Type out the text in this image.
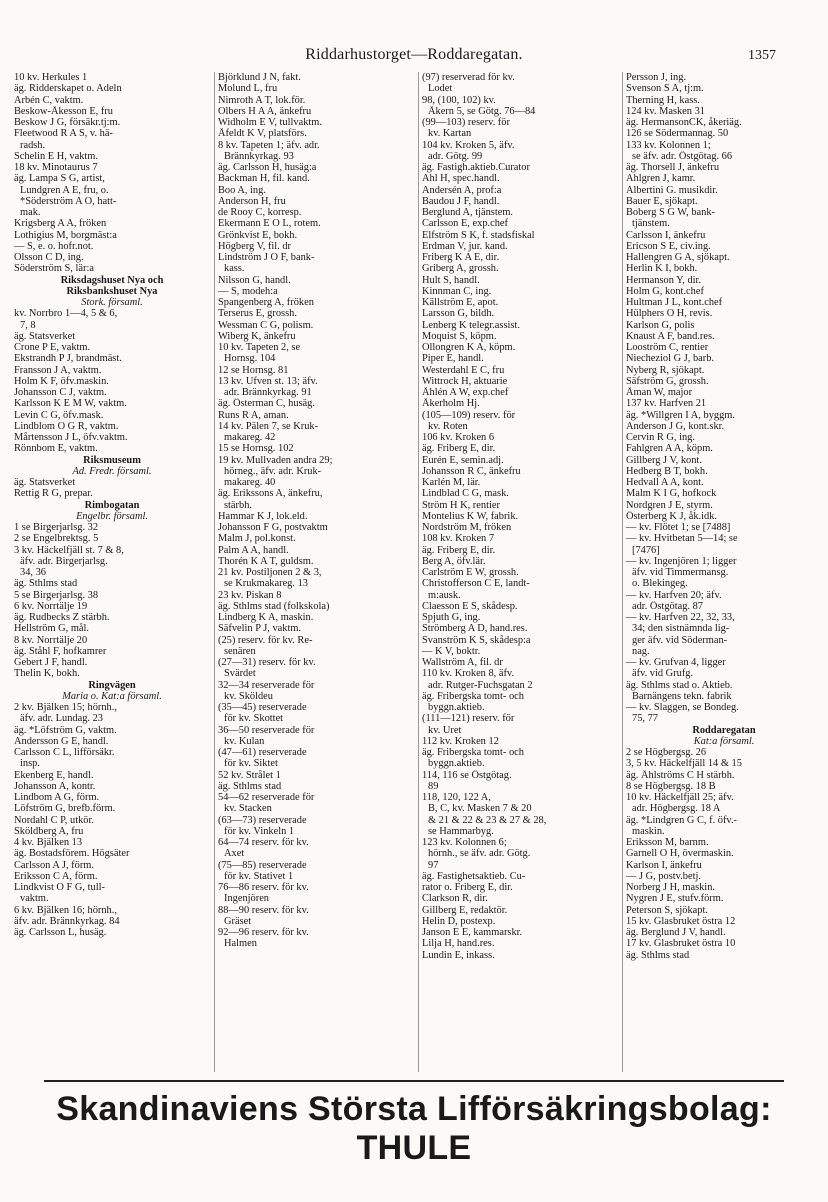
Riddarhustorget—Roddaregatan.	1357
10 kv. Herkules 1
äg. Ridderskapet o. Adeln
Arbén C, vaktm.
Beskow-Åkesson E, fru
Beskow J G, försäkr.tj:m.
Fleetwood R A S, v. hä-
radsh.
Schelin E H, vaktm.
18 kv. Minotaurus 7
äg. Lampa S G, artist,
Lundgren A E, fru, o.
*Söderström A O, hatt-
mak.
Krigsberg A A, fröken
Lothigius M, borgmäst:a
— S, e. o. hofr.not.
Olsson C D, ing.
Söderström S, lär:a
Riksdagshuset Nya och
Riksbankshuset Nya
Stork. församl.
kv. Norrbro 1—4, 5 & 6,
7, 8
äg. Statsverket
Crone P E, vaktm.
Ekstrandh P J, brandmäst.
Fransson J A, vaktm.
Holm K F, öfv.maskin.
Johansson C J, vaktm.
Karlsson K E M W, vaktm.
Levin C G, öfv.mask.
Lindblom O G R, vaktm.
Mårtensson J L, öfv.vaktm.
Rönnbom E, vaktm.
Riksmuseum
Ad. Fredr. församl.
äg. Statsverket
Rettig R G, prepar.
Rimbogatan
Engelbr. församl.
1 se Birgerjarlsg. 32
2 se Engelbrektsg. 5
3 kv. Häckelfjäll st. 7 & 8,
äfv. adr. Birgerjarlsg.
34, 36
äg. Sthlms stad
5 se Birgerjarlsg. 38
6 kv. Norrtälje 19
äg. Rudbecks Z stärbh.
Hellström G, mål.
8 kv. Norrtälje 20
äg. Ståhl F, hofkamrer
Gebert J F, handl.
Thelin K, bokh.
Ringvägen
Maria o. Kat:a församl.
2 kv. Bjälken 15; hörnh.,
äfv. adr. Lundag. 23
äg. *Löfström G, vaktm.
Andersson G E, handl.
Carlsson C L, lifförsäkr.
insp.
Ekenberg E, handl.
Johansson A, kontr.
Lindbom A G, förm.
Löfström G, brefb.förm.
Nordahl C P, utkör.
Sköldberg A, fru
4 kv. Bjälken 13
äg. Bostadsförem. Högsäter
Carlsson A J, förm.
Eriksson C A, förm.
Lindkvist O F G, tull-
vaktm.
6 kv. Bjälken 16; hörnh.,
äfv. adr. Brännkyrkag. 84
äg. Carlsson L, husäg.
Björklund J N, fakt.
Molund L, fru
Nimroth A T, lok.för.
Olbers H A A, änkefru
Widholm E V, tullvaktm.
Åfeldt K V, platsförs.
8 kv. Tapeten 1; äfv. adr.
Brännkyrkag. 93
äg. Carlsson H, husäg:a
Backman H, fil. kand.
Boo A, ing.
Anderson H, fru
de Rooy C, korresp.
Ekermann E O L, rotem.
Grönkvist E, bokh.
Högberg V, fil. dr
Lindström J O F, bank-
kass.
Nilsson G, handl.
— S, modeh:a
Spangenberg A, fröken
Terserus E, grossh.
Wessman C G, polism.
Wiberg K, änkefru
10 kv. Tapeten 2, se
Hornsg. 104
12 se Hornsg. 81
13 kv. Ufven st. 13; äfv.
adr. Brännkyrkag. 91
äg. Österman C, husäg.
Runs R A, aman.
14 kv. Pälen 7, se Kruk-
makareg. 42
15 se Hornsg. 102
19 kv. Mullvaden andra 29;
hörneg., äfv. adr. Kruk-
makareg. 40
äg. Erikssons A, änkefru,
stärbh.
Hammar K J, lok.eld.
Johansson F G, postvaktm
Malm J, pol.konst.
Palm A A, handl.
Thorén K A T, guldsm.
21 kv. Postiljonen 2 & 3,
se Krukmakareg. 13
23 kv. Piskan 8
äg. Sthlms stad (folkskola)
Lindberg K A, maskin.
Säfvelin P J, vaktm.
(25) reserv. för kv. Re-
senären
(27—31) reserv. för kv.
Svärdet
32—34 reserverade för
kv. Sköldeu
(35—45) reserverade
för kv. Skottet
36—50 reserverade för
kv. Kulan
(47—61) reserverade
för kv. Siktet
52 kv. Strålet 1
äg. Sthlms stad
54—62 reserverade för
kv. Stacken
(63—73) reserverade
för kv. Vinkeln 1
64—74 reserv. för kv.
Axet
(75—85) reserverade
för kv. Stativet 1
76—86 reserv. för kv.
Ingenjören
88—90 reserv. för kv.
Gräset
92—96 reserv. för kv.
Halmen
(97) reserverad för kv.
Lodet
98, (100, 102) kv.
Åkern 5, se Götg. 76—84
(99—103) reserv. för
kv. Kartan
104 kv. Kroken 5, äfv.
adr. Götg. 99
äg. Fastigh.aktieb.Curator
Ahl H, spec.handl.
Andersén A, prof:a
Baudou J F, handl.
Berglund A, tjänstem.
Carlsson E, exp.chef
Elfström S K, f. stadsfiskal
Erdman V, jur. kand.
Friberg K A E, dir.
Griberg A, grossh.
Hult S, handl.
Kinnman C, ing.
Källström E, apot.
Larsson G, bildh.
Lenberg K telegr.assist.
Moquist S, köpm.
Ollongren K A, köpm.
Piper E, handl.
Westerdahl E C, fru
Wittrock H, aktuarie
Åhlén A W, exp.chef
Åkerholm Hj.
(105—109) reserv. för
kv. Roten
106 kv. Kroken 6
äg. Friberg E, dir.
Eurén E, semin.adj.
Johansson R C, änkefru
Karlén M, lär.
Lindblad C G, mask.
Ström H K, rentier
Montelius K W, fabrik.
Nordström M, fröken
108 kv. Kroken 7
äg. Friberg E, dir.
Berg A, öfv.lär.
Carlström E W, grossh.
Christofferson C E, landt-
m:ausk.
Claesson E S, skådesp.
Spjuth G, ing.
Strömberg A D, hand.res.
Svanström K S, skådesp:a
— K V, boktr.
Wallström A, fil. dr
110 kv. Kroken 8, äfv.
adr. Rutger-Fuchsgatan 2
äg. Fribergska tomt- och
byggn.aktieb.
(111—121) reserv. för
kv. Uret
112 kv. Kroken 12
äg. Fribergska tomt- och
byggn.aktieb.
114, 116 se Östgötag.
89
118, 120, 122 A,
B, C, kv. Masken 7 & 20
& 21 & 22 & 23 & 27 & 28,
se Hammarbyg.
123 kv. Kolonnen 6;
hörnh., se äfv. adr. Götg.
97
äg. Fastighetsaktieb. Cu-
rator o. Friberg E, dir.
Clarkson R, dir.
Gillberg E, redaktör.
Helin D, postexp.
Janson E E, kammarskr.
Lilja H, hand.res.
Lundin E, inkass.
Persson J, ing.
Svenson S A, tj:m.
Therning H, kass.
124 kv. Masken 31
äg. HermansonCK, åkeriäg.
126 se Södermannag. 50
133 kv. Kolonnen 1;
se äfv. adr. Östgötag. 66
äg. Thorsell J, änkefru
Ahlgren J, kamr.
Albertini G. musikdir.
Bauer E, sjökapt.
Boberg S G W, bank-
tjänstem.
Carlsson I, änkefru
Ericson S E, civ.ing.
Hallengren G A, sjökapt.
Herlin K I, bokh.
Hermanson Y, dir.
Holm G, kont.chef
Hultman J L, kont.chef
Hülphers O H, revis.
Karlson G, polis
Knaust A F, band.res.
Looström C, rentier
Niecheziol G J, barb.
Nyberg R, sjökapt.
Säfström G, grossh.
Åman W, major
137 kv. Harfven 21
äg. *Willgren I A, byggm.
Anderson J G, kont.skr.
Cervin R G, ing.
Fahlgren A A, köpm.
Gillberg J V, kont.
Hedberg B T, bokh.
Hedvall A A, kont.
Malm K I G, hofkock
Nordgren J E, styrm.
Österberg K J, åk.idk.
— kv. Flötet 1; se [7488]
— kv. Hvitbetan 5—14; se
[7476]
— kv. Ingenjören 1; ligger
äfv. vid Timmermansg.
o. Blekingeg.
— kv. Harfven 20; äfv.
adr. Östgötag. 87
— kv. Harfven 22, 32, 33,
34; den sistnämnda lig-
ger äfv. vid Söderman-
nag.
— kv. Grufvan 4, ligger
äfv. vid Grufg.
äg. Sthlms stad o. Aktieb.
Barnängens tekn. fabrik
— kv. Slaggen, se Bondeg.
75, 77
Roddaregatan
Kat:a församl.
2 se Högbergsg. 26
3, 5 kv. Häckelfjäll 14 & 15
äg. Ählströms C H stärbh.
8 se Högbergsg. 18 B
10 kv. Häckelfjäll 25; äfv.
adr. Högbergsg. 18 A
äg. *Lindgren G C, f. öfv.-
maskin.
Eriksson M, barnm.
Garnell O H, övermaskin.
Karlson I, änkefru
— J G, postv.betj.
Norberg J H, maskin.
Nygren J E, stufv.förm.
Peterson S, sjökapt.
15 kv. Glasbruket östra 12
äg. Berglund J V, handl.
17 kv. Glasbruket östra 10
äg. Sthlms stad
Skandinaviens Största Lifförsäkringsbolag: THULE
